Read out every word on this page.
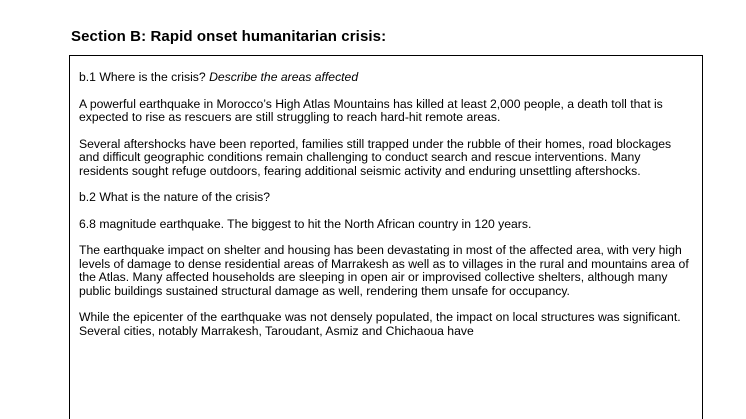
Section B: Rapid onset humanitarian crisis:

b.1 Where is the crisis? Describe the areas affected

A powerful earthquake in Morocco’s High Atlas Mountains has killed at least 2,000 people, a death toll that is expected to rise as rescuers are still struggling to reach hard-hit remote areas.

Several aftershocks have been reported, families still trapped under the rubble of their homes, road blockages and difficult geographic conditions remain challenging to conduct search and rescue interventions. Many residents sought refuge outdoors, fearing additional seismic activity and enduring unsettling aftershocks.

b.2 What is the nature of the crisis?

6.8 magnitude earthquake. The biggest to hit the North African country in 120 years.

The earthquake impact on shelter and housing has been devastating in most of the affected area, with very high levels of damage to dense residential areas of Marrakesh as well as to villages in the rural and mountains area of the Atlas. Many affected households are sleeping in open air or improvised collective shelters, although many public buildings sustained structural damage as well, rendering them unsafe for occupancy.

While the epicenter of the earthquake was not densely populated, the impact on local structures was significant. Several cities, notably Marrakesh, Taroudant, Asmiz and Chichaoua have
